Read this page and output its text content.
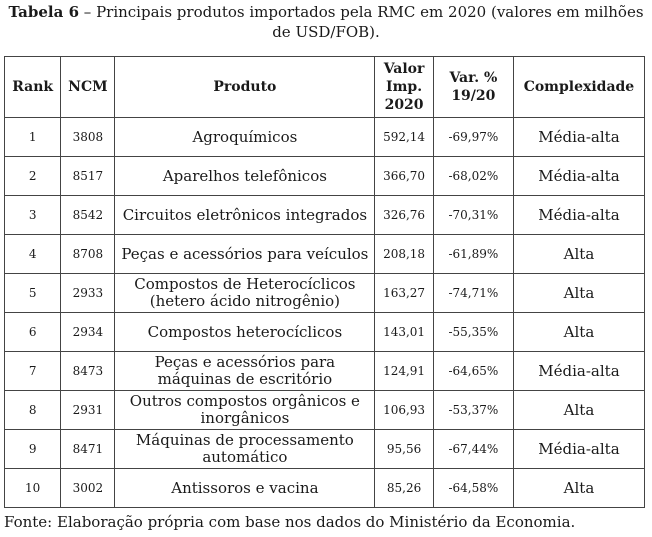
Tabela 6 – Principais produtos importados pela RMC em 2020 (valores em milhões de USD/FOB).
Rank	NCM	Produto	Valor Imp. 2020	Var. % 19/20	Complexidade
1	3808	Agroquímicos	592,14	-69,97%	Média-alta
2	8517	Aparelhos telefônicos	366,70	-68,02%	Média-alta
3	8542	Circuitos eletrônicos integrados	326,76	-70,31%	Média-alta
4	8708	Peças e acessórios para veículos	208,18	-61,89%	Alta
5	2933	Compostos de Heterocíclicos (hetero ácido nitrogênio)	163,27	-74,71%	Alta
6	2934	Compostos heterocíclicos	143,01	-55,35%	Alta
7	8473	Peças e acessórios para máquinas de escritório	124,91	-64,65%	Média-alta
8	2931	Outros compostos orgânicos e inorgânicos	106,93	-53,37%	Alta
9	8471	Máquinas de processamento automático	95,56	-67,44%	Média-alta
10	3002	Antissoros e vacina	85,26	-64,58%	Alta
Fonte: Elaboração própria com base nos dados do Ministério da Economia.
